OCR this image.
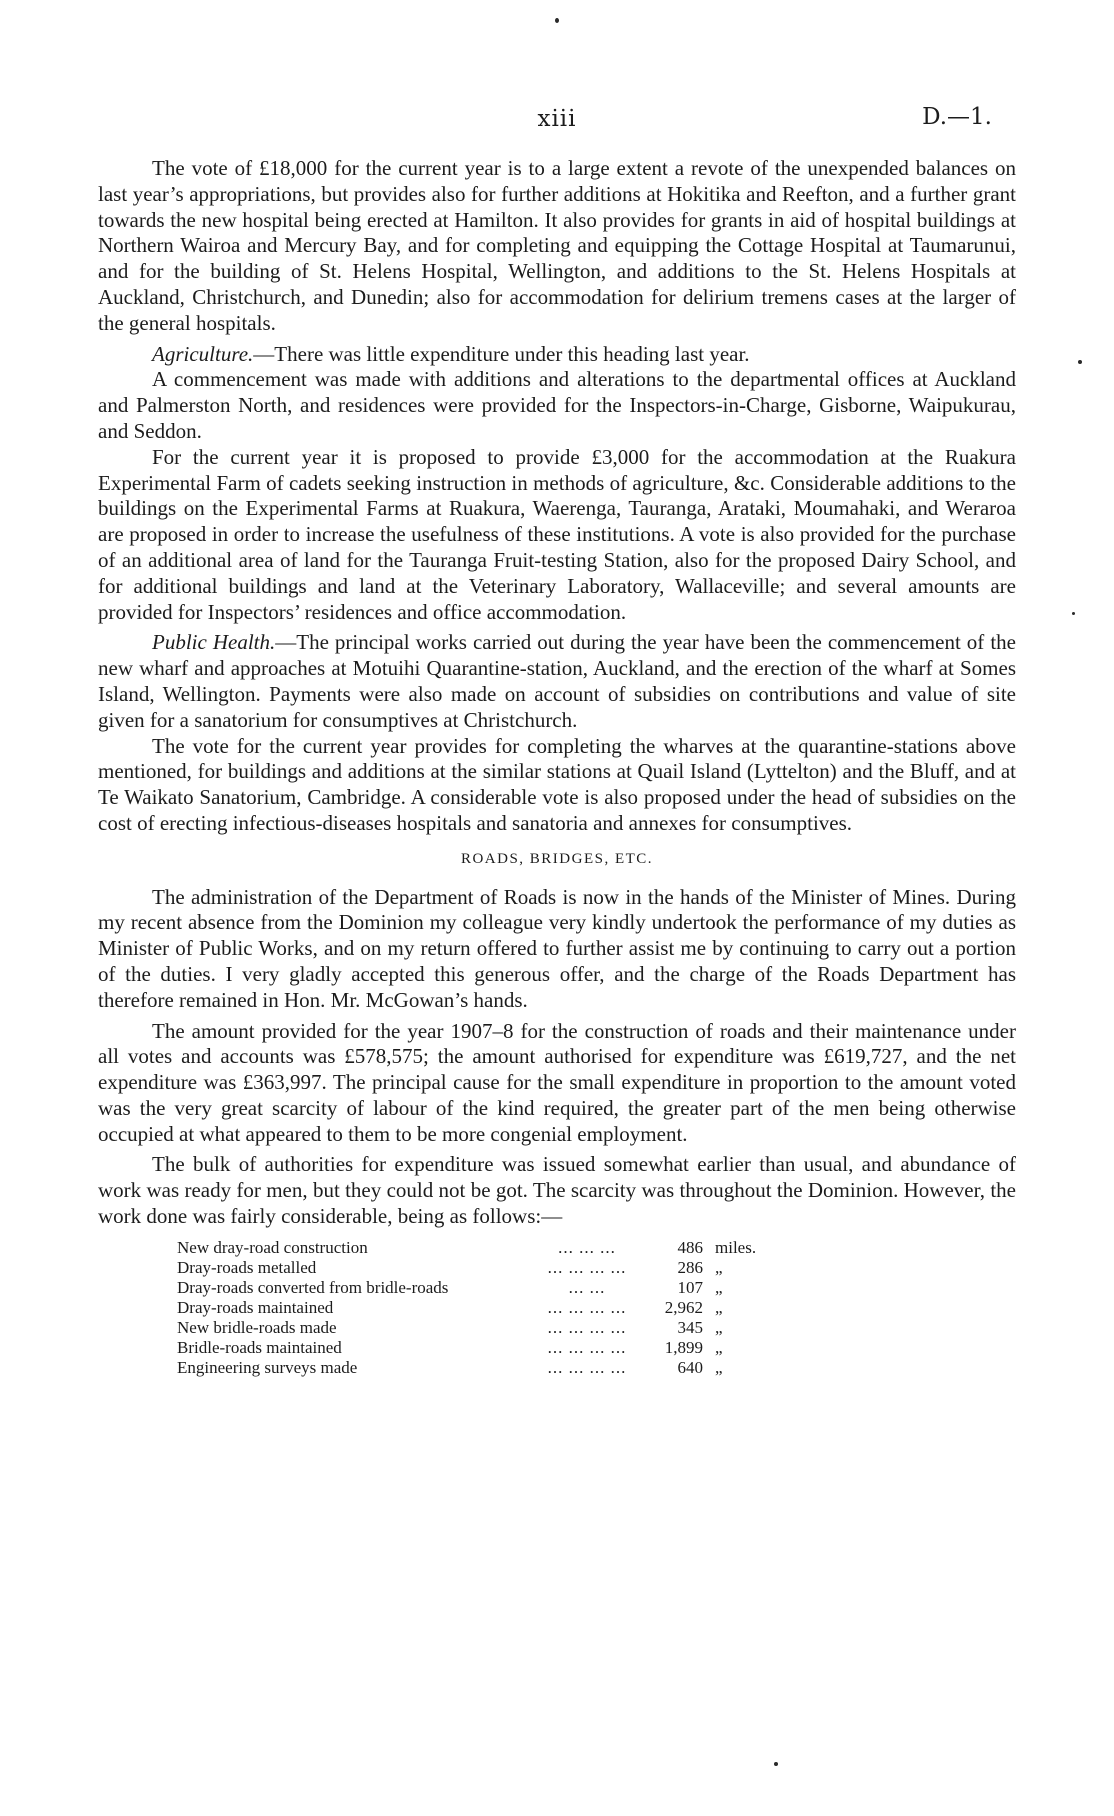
xiii	D.—1.

The vote of £18,000 for the current year is to a large extent a revote of the unexpended balances on last year’s appropriations, but provides also for further additions at Hokitika and Reefton, and a further grant towards the new hospital being erected at Hamilton. It also provides for grants in aid of hospital buildings at Northern Wairoa and Mercury Bay, and for completing and equipping the Cottage Hospital at Taumarunui, and for the building of St. Helens Hospital, Wellington, and additions to the St. Helens Hospitals at Auckland, Christchurch, and Dunedin; also for accommodation for delirium tremens cases at the larger of the general hospitals.

Agriculture.—There was little expenditure under this heading last year.

A commencement was made with additions and alterations to the departmental offices at Auckland and Palmerston North, and residences were provided for the Inspectors-in-Charge, Gisborne, Waipukurau, and Seddon.

For the current year it is proposed to provide £3,000 for the accommodation at the Ruakura Experimental Farm of cadets seeking instruction in methods of agriculture, &c. Considerable additions to the buildings on the Experimental Farms at Ruakura, Waerenga, Tauranga, Arataki, Moumahaki, and Weraroa are proposed in order to increase the usefulness of these institutions. A vote is also provided for the purchase of an additional area of land for the Tauranga Fruit-testing Station, also for the proposed Dairy School, and for additional buildings and land at the Veterinary Laboratory, Wallaceville; and several amounts are provided for Inspectors’ residences and office accommodation.

Public Health.—The principal works carried out during the year have been the commencement of the new wharf and approaches at Motuihi Quarantine-station, Auckland, and the erection of the wharf at Somes Island, Wellington. Payments were also made on account of subsidies on contributions and value of site given for a sanatorium for consumptives at Christchurch.

The vote for the current year provides for completing the wharves at the quarantine-stations above mentioned, for buildings and additions at the similar stations at Quail Island (Lyttelton) and the Bluff, and at Te Waikato Sanatorium, Cambridge. A considerable vote is also proposed under the head of subsidies on the cost of erecting infectious-diseases hospitals and sanatoria and annexes for consumptives.

ROADS, BRIDGES, ETC.

The administration of the Department of Roads is now in the hands of the Minister of Mines. During my recent absence from the Dominion my colleague very kindly undertook the performance of my duties as Minister of Public Works, and on my return offered to further assist me by continuing to carry out a portion of the duties. I very gladly accepted this generous offer, and the charge of the Roads Department has therefore remained in Hon. Mr. McGowan’s hands.

The amount provided for the year 1907–8 for the construction of roads and their maintenance under all votes and accounts was £578,575; the amount authorised for expenditure was £619,727, and the net expenditure was £363,997. The principal cause for the small expenditure in proportion to the amount voted was the very great scarcity of labour of the kind required, the greater part of the men being otherwise occupied at what appeared to them to be more congenial employment.

The bulk of authorities for expenditure was issued somewhat earlier than usual, and abundance of work was ready for men, but they could not be got. The scarcity was throughout the Dominion. However, the work done was fairly considerable, being as follows:—

New dray-road construction	... ... ...	486	miles.
Dray-roads metalled	... ... ... ...	286	„
Dray-roads converted from bridle-roads	... ...	107	„
Dray-roads maintained	... ... ... ...	2,962	„
New bridle-roads made	... ... ... ...	345	„
Bridle-roads maintained	... ... ... ...	1,899	„
Engineering surveys made	... ... ... ...	640	„
